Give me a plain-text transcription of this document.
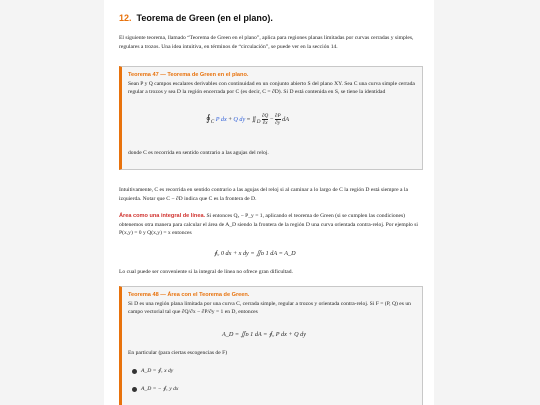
12. Teorema de Green (en el plano).

El siguiente teorema, llamado “Teorema de Green en el plano”, aplica para regiones planas limitadas por curvas cerradas y simples, regulares a trozos. Una idea intuitiva, en términos de “circulación”, se puede ver en la sección 14.

Teorema 47 — Teorema de Green en el plano.

Sean P y Q campos escalares derivables con continuidad en un conjunto abierto S del plano XY. Sea C una curva simple cerrada regular a trozos y sea D la región encerrada por C (es decir, C = ∂D). Si D está contenida en S, se tiene la identidad

$∮_C$ P dx + Q dy = $∬_D \frac{\partial Q}{\partial x} - \frac{\partial P}{\partial y}$ dA

donde C es recorrida en sentido contrario a las agujas del reloj.

Intuitivamente, C es recorrida en sentido contrario a las agujas del reloj si al caminar a lo largo de C la región D está siempre a la izquierda. Notar que C − ∂D indica que C es la frontera de D.

Área como una integral de línea. Si entonces Qₓ − P_y = 1, aplicando el teorema de Green (si se cumplen las condiciones) obtenemos otra manera para calcular el área de A_D siendo la frontera de la región D una curva orientada contra-reloj. Por ejemplo si P(x,y) = 0 y Q(x,y) = x entonces

∮꜀ 0 dx + x dy = ∬ᴅ 1 dA = A_D

Lo cual puede ser conveniente si la integral de línea no ofrece gran dificultad.

Teorema 48 — Área con el Teorema de Green.

Si D es una región plana limitada por una curva C, cerrada simple, regular a trozos y orientada contra-reloj. Si F = (P, Q) es un campo vectorial tal que ∂Q/∂x − ∂P/∂y = 1 en D, entonces

A_D = ∬ᴅ 1 dA = ∮꜀ P dx + Q dy

En particular (para ciertas escogencias de F)

A_D = ∮꜀ x dy
A_D = − ∮꜀ y dx
